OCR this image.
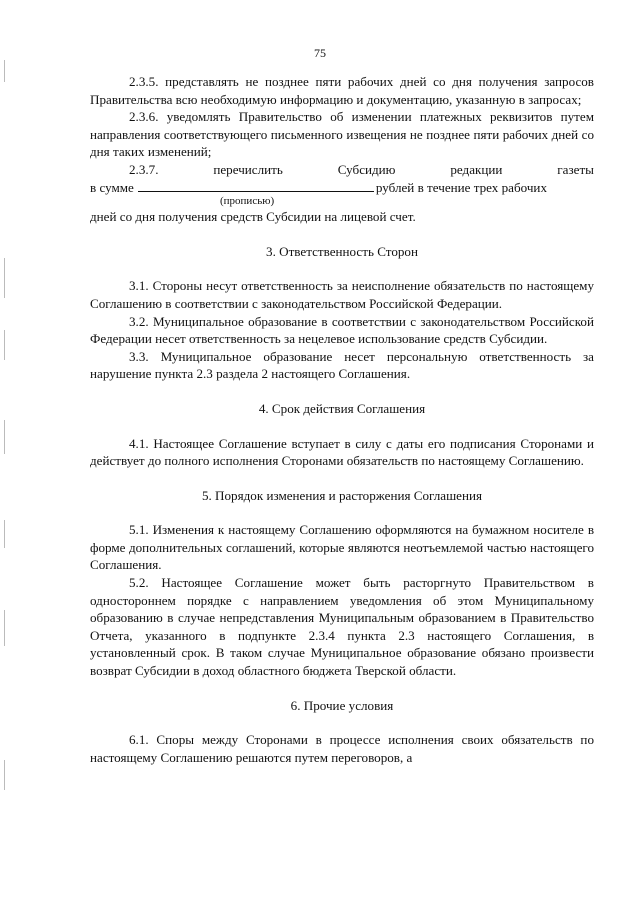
75

2.3.5. представлять не позднее пяти рабочих дней со дня получения запросов Правительства всю необходимую информацию и документацию, указанную в запросах;

2.3.6. уведомлять Правительство об изменении платежных реквизитов путем направления соответствующего письменного извещения не позднее пяти рабочих дней со дня таких изменений;

2.3.7.	перечислить	Субсидию	редакции	газеты
в сумме	рублей в течение трех рабочих
(прописью)

дней со дня получения средств Субсидии на лицевой счет.

3. Ответственность Сторон

3.1. Стороны несут ответственность за неисполнение обязательств по настоящему Соглашению в соответствии с законодательством Российской Федерации.

3.2. Муниципальное образование в соответствии с законодательством Российской Федерации несет ответственность за нецелевое использование средств Субсидии.

3.3. Муниципальное образование несет персональную ответственность за нарушение пункта 2.3 раздела 2 настоящего Соглашения.

4. Срок действия Соглашения

4.1. Настоящее Соглашение вступает в силу с даты его подписания Сторонами и действует до полного исполнения Сторонами обязательств по настоящему Соглашению.

5. Порядок изменения и расторжения Соглашения

5.1. Изменения к настоящему Соглашению оформляются на бумажном носителе в форме дополнительных соглашений, которые являются неотъемлемой частью настоящего Соглашения.

5.2. Настоящее Соглашение может быть расторгнуто Правительством в одностороннем порядке с направлением уведомления об этом Муниципальному образованию в случае непредставления Муниципальным образованием в Правительство Отчета, указанного в подпункте 2.3.4 пункта 2.3 настоящего Соглашения, в установленный срок. В таком случае Муниципальное образование обязано произвести возврат Субсидии в доход областного бюджета Тверской области.

6. Прочие условия

6.1. Споры между Сторонами в процессе исполнения своих обязательств по настоящему Соглашению решаются путем переговоров, а
